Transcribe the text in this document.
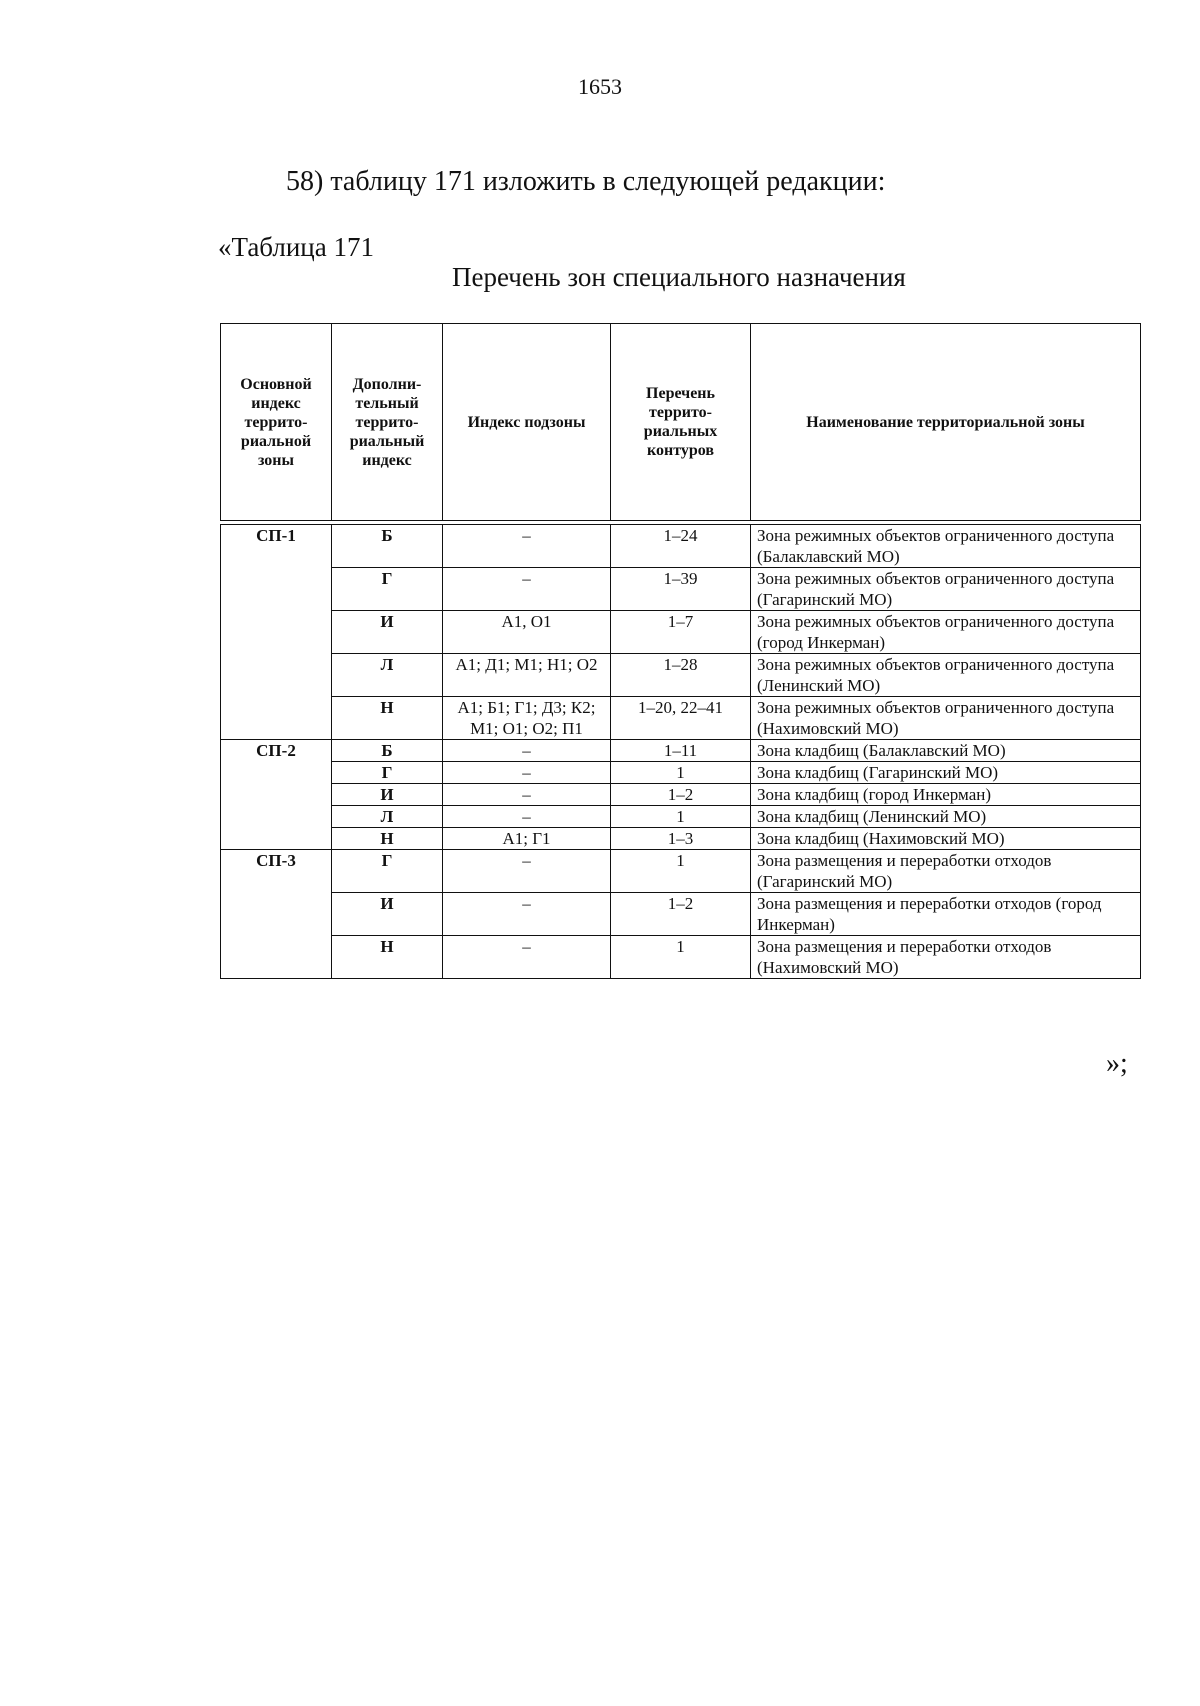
1653
58) таблицу 171 изложить в следующей редакции:
«Таблица 171
Перечень зон специального назначения
Основной индекс террито-риальной зоны	Дополни-тельный террито-риальный индекс	Индекс подзоны	Перечень террито-риальных контуров	Наименование территориальной зоны

СП-1	Б	–	1–24	Зона режимных объектов ограниченного доступа (Балаклавский МО)
	Г	–	1–39	Зона режимных объектов ограниченного доступа (Гагаринский МО)
	И	А1, О1	1–7	Зона режимных объектов ограниченного доступа (город Инкерман)
	Л	А1; Д1; М1; Н1; О2	1–28	Зона режимных объектов ограниченного доступа (Ленинский МО)
	Н	А1; Б1; Г1; Д3; К2; М1; О1; О2; П1	1–20, 22–41	Зона режимных объектов ограниченного доступа (Нахимовский МО)
СП-2	Б	–	1–11	Зона кладбищ (Балаклавский МО)
	Г	–	1	Зона кладбищ (Гагаринский МО)
	И	–	1–2	Зона кладбищ (город Инкерман)
	Л	–	1	Зона кладбищ (Ленинский МО)
	Н	А1; Г1	1–3	Зона кладбищ (Нахимовский МО)
СП-3	Г	–	1	Зона размещения и переработки отходов (Гагаринский МО)
	И	–	1–2	Зона размещения и переработки отходов (город Инкерман)
	Н	–	1	Зона размещения и переработки отходов (Нахимовский МО)
»;
